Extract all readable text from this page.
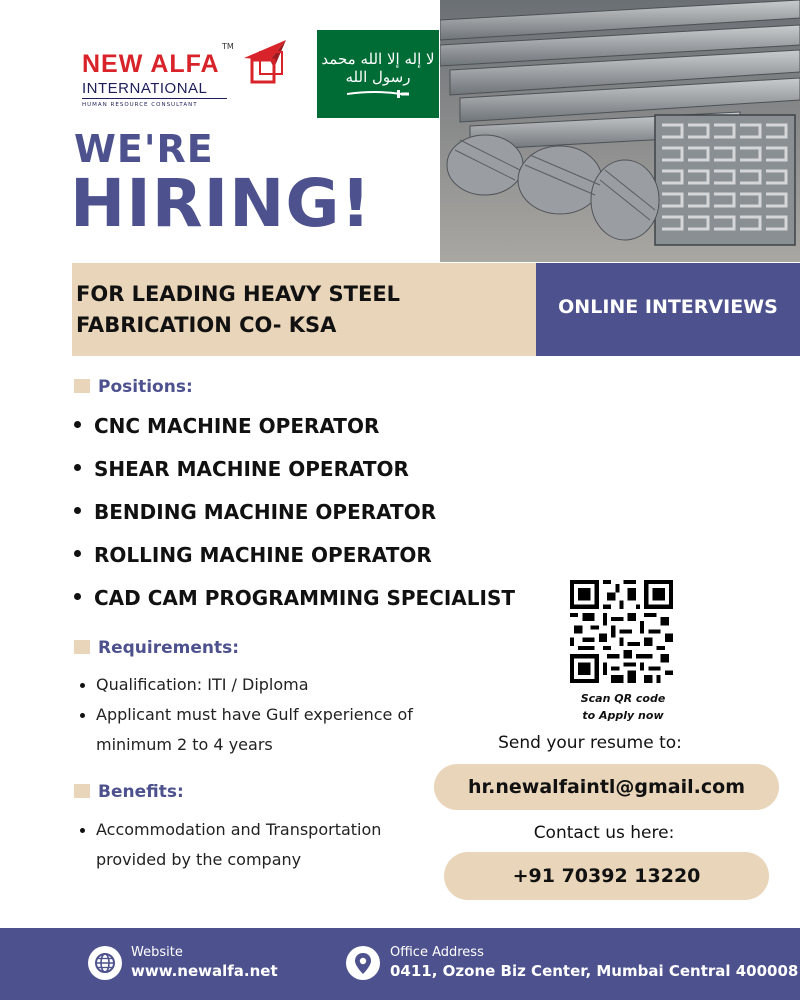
NEW ALFA
TM
INTERNATIONAL
HUMAN RESOURCE CONSULTANT
لا إله إلا الله محمد رسول الله
WE'RE
HIRING!
FOR LEADING HEAVY STEEL
FABRICATION CO- KSA
ONLINE INTERVIEWS
Positions:
CNC MACHINE OPERATOR
SHEAR MACHINE OPERATOR
BENDING MACHINE OPERATOR
ROLLING MACHINE OPERATOR
CAD CAM PROGRAMMING SPECIALIST
Requirements:
Qualification: ITI / Diploma
Applicant must have Gulf experience of minimum 2 to 4 years
Benefits:
Accommodation and Transportation provided by the company
Scan QR code
to Apply now
Send your resume to:
hr.newalfaintl@gmail.com
Contact us here:
+91 70392 13220
Website
www.newalfa.net
Office Address
0411, Ozone Biz Center, Mumbai Central 400008
